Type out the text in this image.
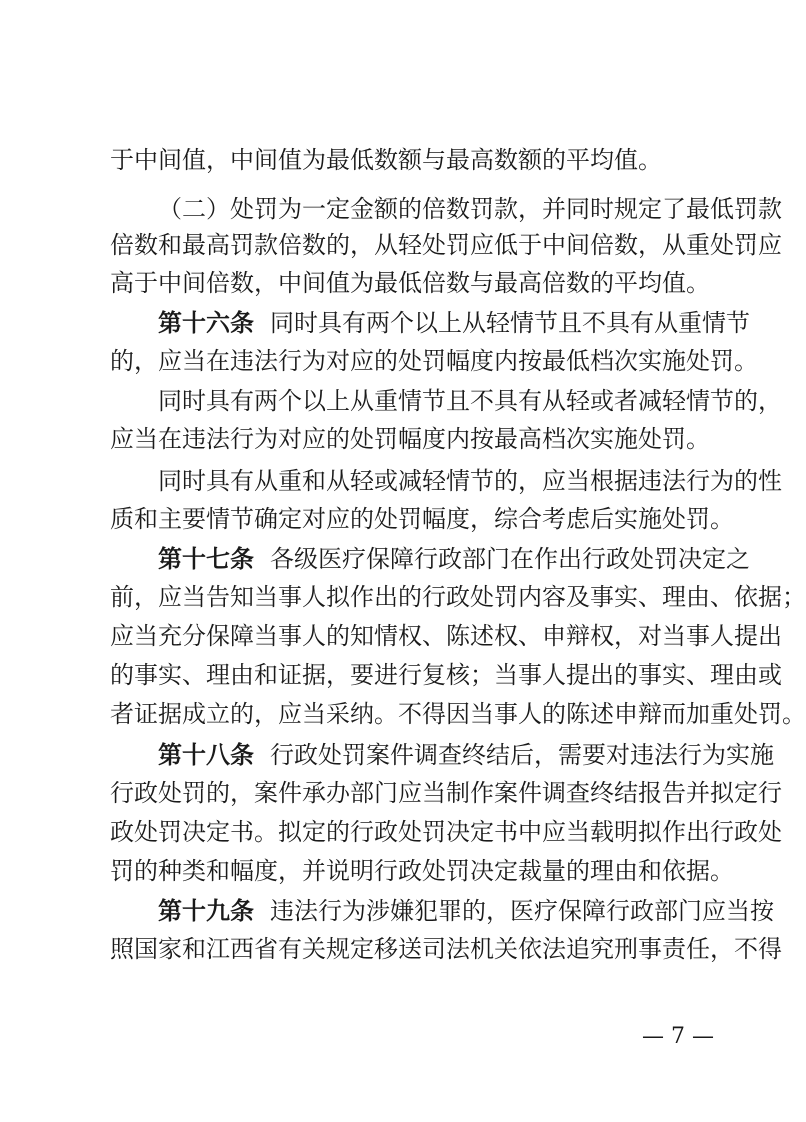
于中间值，中间值为最低数额与最高数额的平均值。
（二）处罚为一定金额的倍数罚款，并同时规定了最低罚款
倍数和最高罚款倍数的，从轻处罚应低于中间倍数，从重处罚应
高于中间倍数，中间值为最低倍数与最高倍数的平均值。
第十六条 同时具有两个以上从轻情节且不具有从重情节
的，应当在违法行为对应的处罚幅度内按最低档次实施处罚。
同时具有两个以上从重情节且不具有从轻或者减轻情节的，
应当在违法行为对应的处罚幅度内按最高档次实施处罚。
同时具有从重和从轻或减轻情节的，应当根据违法行为的性
质和主要情节确定对应的处罚幅度，综合考虑后实施处罚。
第十七条 各级医疗保障行政部门在作出行政处罚决定之
前，应当告知当事人拟作出的行政处罚内容及事实、理由、依据；
应当充分保障当事人的知情权、陈述权、申辩权，对当事人提出
的事实、理由和证据，要进行复核；当事人提出的事实、理由或
者证据成立的，应当采纳。不得因当事人的陈述申辩而加重处罚。
第十八条 行政处罚案件调查终结后，需要对违法行为实施
行政处罚的，案件承办部门应当制作案件调查终结报告并拟定行
政处罚决定书。拟定的行政处罚决定书中应当载明拟作出行政处
罚的种类和幅度，并说明行政处罚决定裁量的理由和依据。
第十九条 违法行为涉嫌犯罪的，医疗保障行政部门应当按
照国家和江西省有关规定移送司法机关依法追究刑事责任，不得
— 7 —
